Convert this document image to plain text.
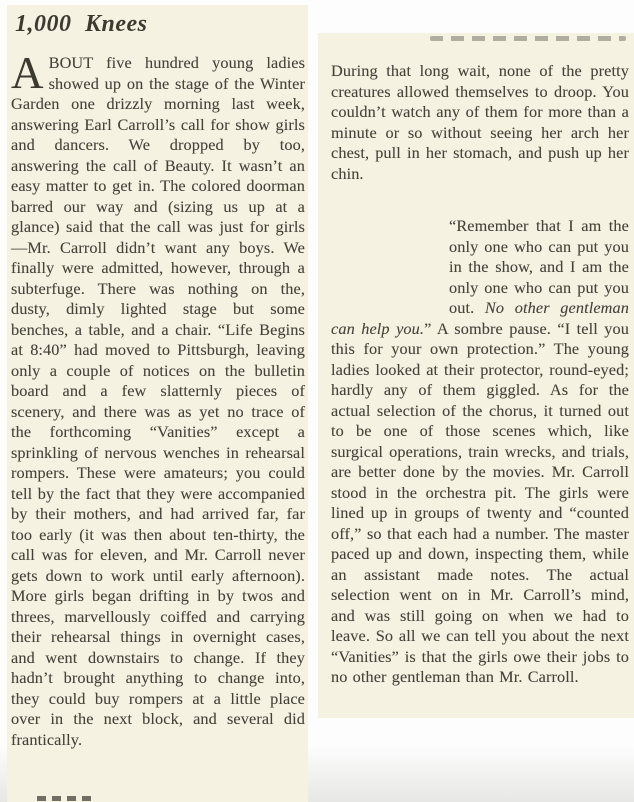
1,000 Knees

ABOUT five hundred young ladies showed up on the stage of the Winter Garden one drizzly morning last week, answering Earl Carroll’s call for show girls and dancers. We dropped by too, answering the call of Beauty. It wasn’t an easy matter to get in. The colored doorman barred our way and (sizing us up at a glance) said that the call was just for girls—Mr. Carroll didn’t want any boys. We finally were admitted, however, through a subterfuge. There was nothing on the, dusty, dimly lighted stage but some benches, a table, and a chair. “Life Begins at 8:40” had moved to Pittsburgh, leaving only a couple of notices on the bulletin board and a few slatternly pieces of scenery, and there was as yet no trace of the forthcoming “Vanities” except a sprinkling of nervous wenches in rehearsal rompers. These were amateurs; you could tell by the fact that they were accompanied by their mothers, and had arrived far, far too early (it was then about ten-thirty, the call was for eleven, and Mr. Carroll never gets down to work until early afternoon). More girls began drifting in by twos and threes, marvellously coiffed and carrying their rehearsal things in overnight cases, and went downstairs to change. If they hadn’t brought anything to change into, they could buy rompers at a little place over in the next block, and several did frantically.

During that long wait, none of the pretty creatures allowed themselves to droop. You couldn’t watch any of them for more than a minute or so without seeing her arch her chest, pull in her stomach, and push up her chin.

“Remember that I am the only one who can put you in the show, and I am the only one who can put you out. No other gentleman can help you.” A sombre pause. “I tell you this for your own protection.” The young ladies looked at their protector, round-eyed; hardly any of them giggled. As for the actual selection of the chorus, it turned out to be one of those scenes which, like surgical operations, train wrecks, and trials, are better done by the movies. Mr. Carroll stood in the orchestra pit. The girls were lined up in groups of twenty and “counted off,” so that each had a number. The master paced up and down, inspecting them, while an assistant made notes. The actual selection went on in Mr. Carroll’s mind, and was still going on when we had to leave. So all we can tell you about the next “Vanities” is that the girls owe their jobs to no other gentleman than Mr. Carroll.
